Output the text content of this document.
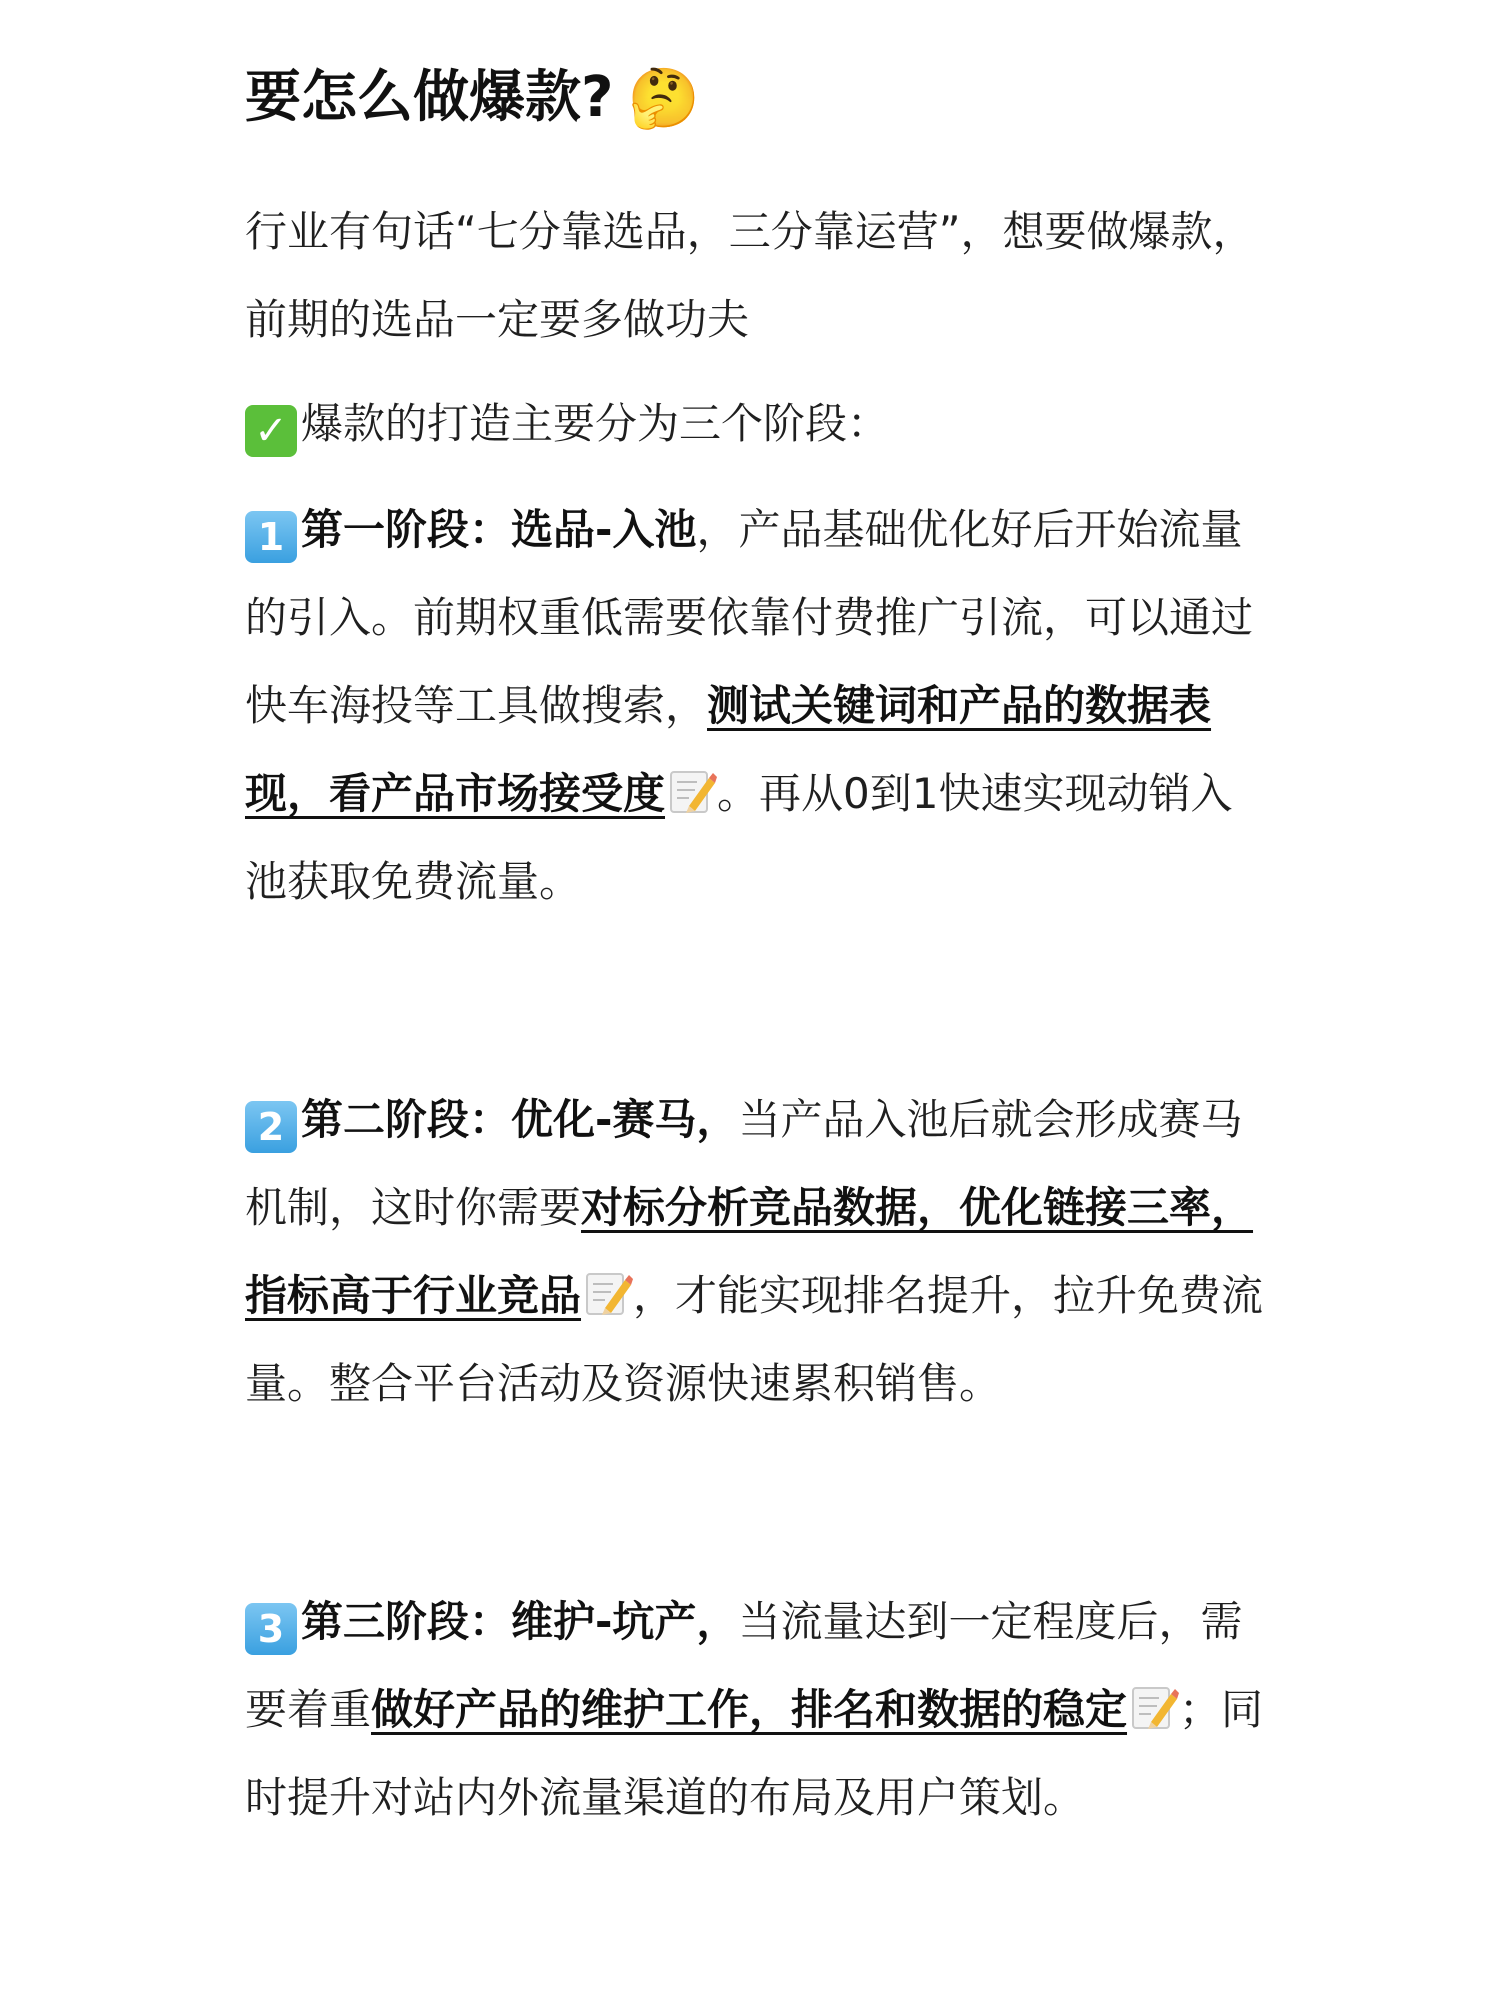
要怎么做爆款? 🤔

行业有句话“七分靠选品，三分靠运营”，想要做爆款，前期的选品一定要多做功夫

✓ 爆款的打造主要分为三个阶段：

1 第一阶段：选品-入池，产品基础优化好后开始流量的引入。前期权重低需要依靠付费推广引流，可以通过快车海投等工具做搜索，测试关键词和产品的数据表现，看产品市场接受度 。再从0到1快速实现动销入池获取免费流量。

2 第二阶段：优化-赛马，当产品入池后就会形成赛马机制，这时你需要对标分析竞品数据，优化链接三率，指标高于行业竞品 ，才能实现排名提升，拉升免费流量。整合平台活动及资源快速累积销售。

3 第三阶段：维护-坑产，当流量达到一定程度后，需要着重做好产品的维护工作，排名和数据的稳定 ；同时提升对站内外流量渠道的布局及用户策划。
